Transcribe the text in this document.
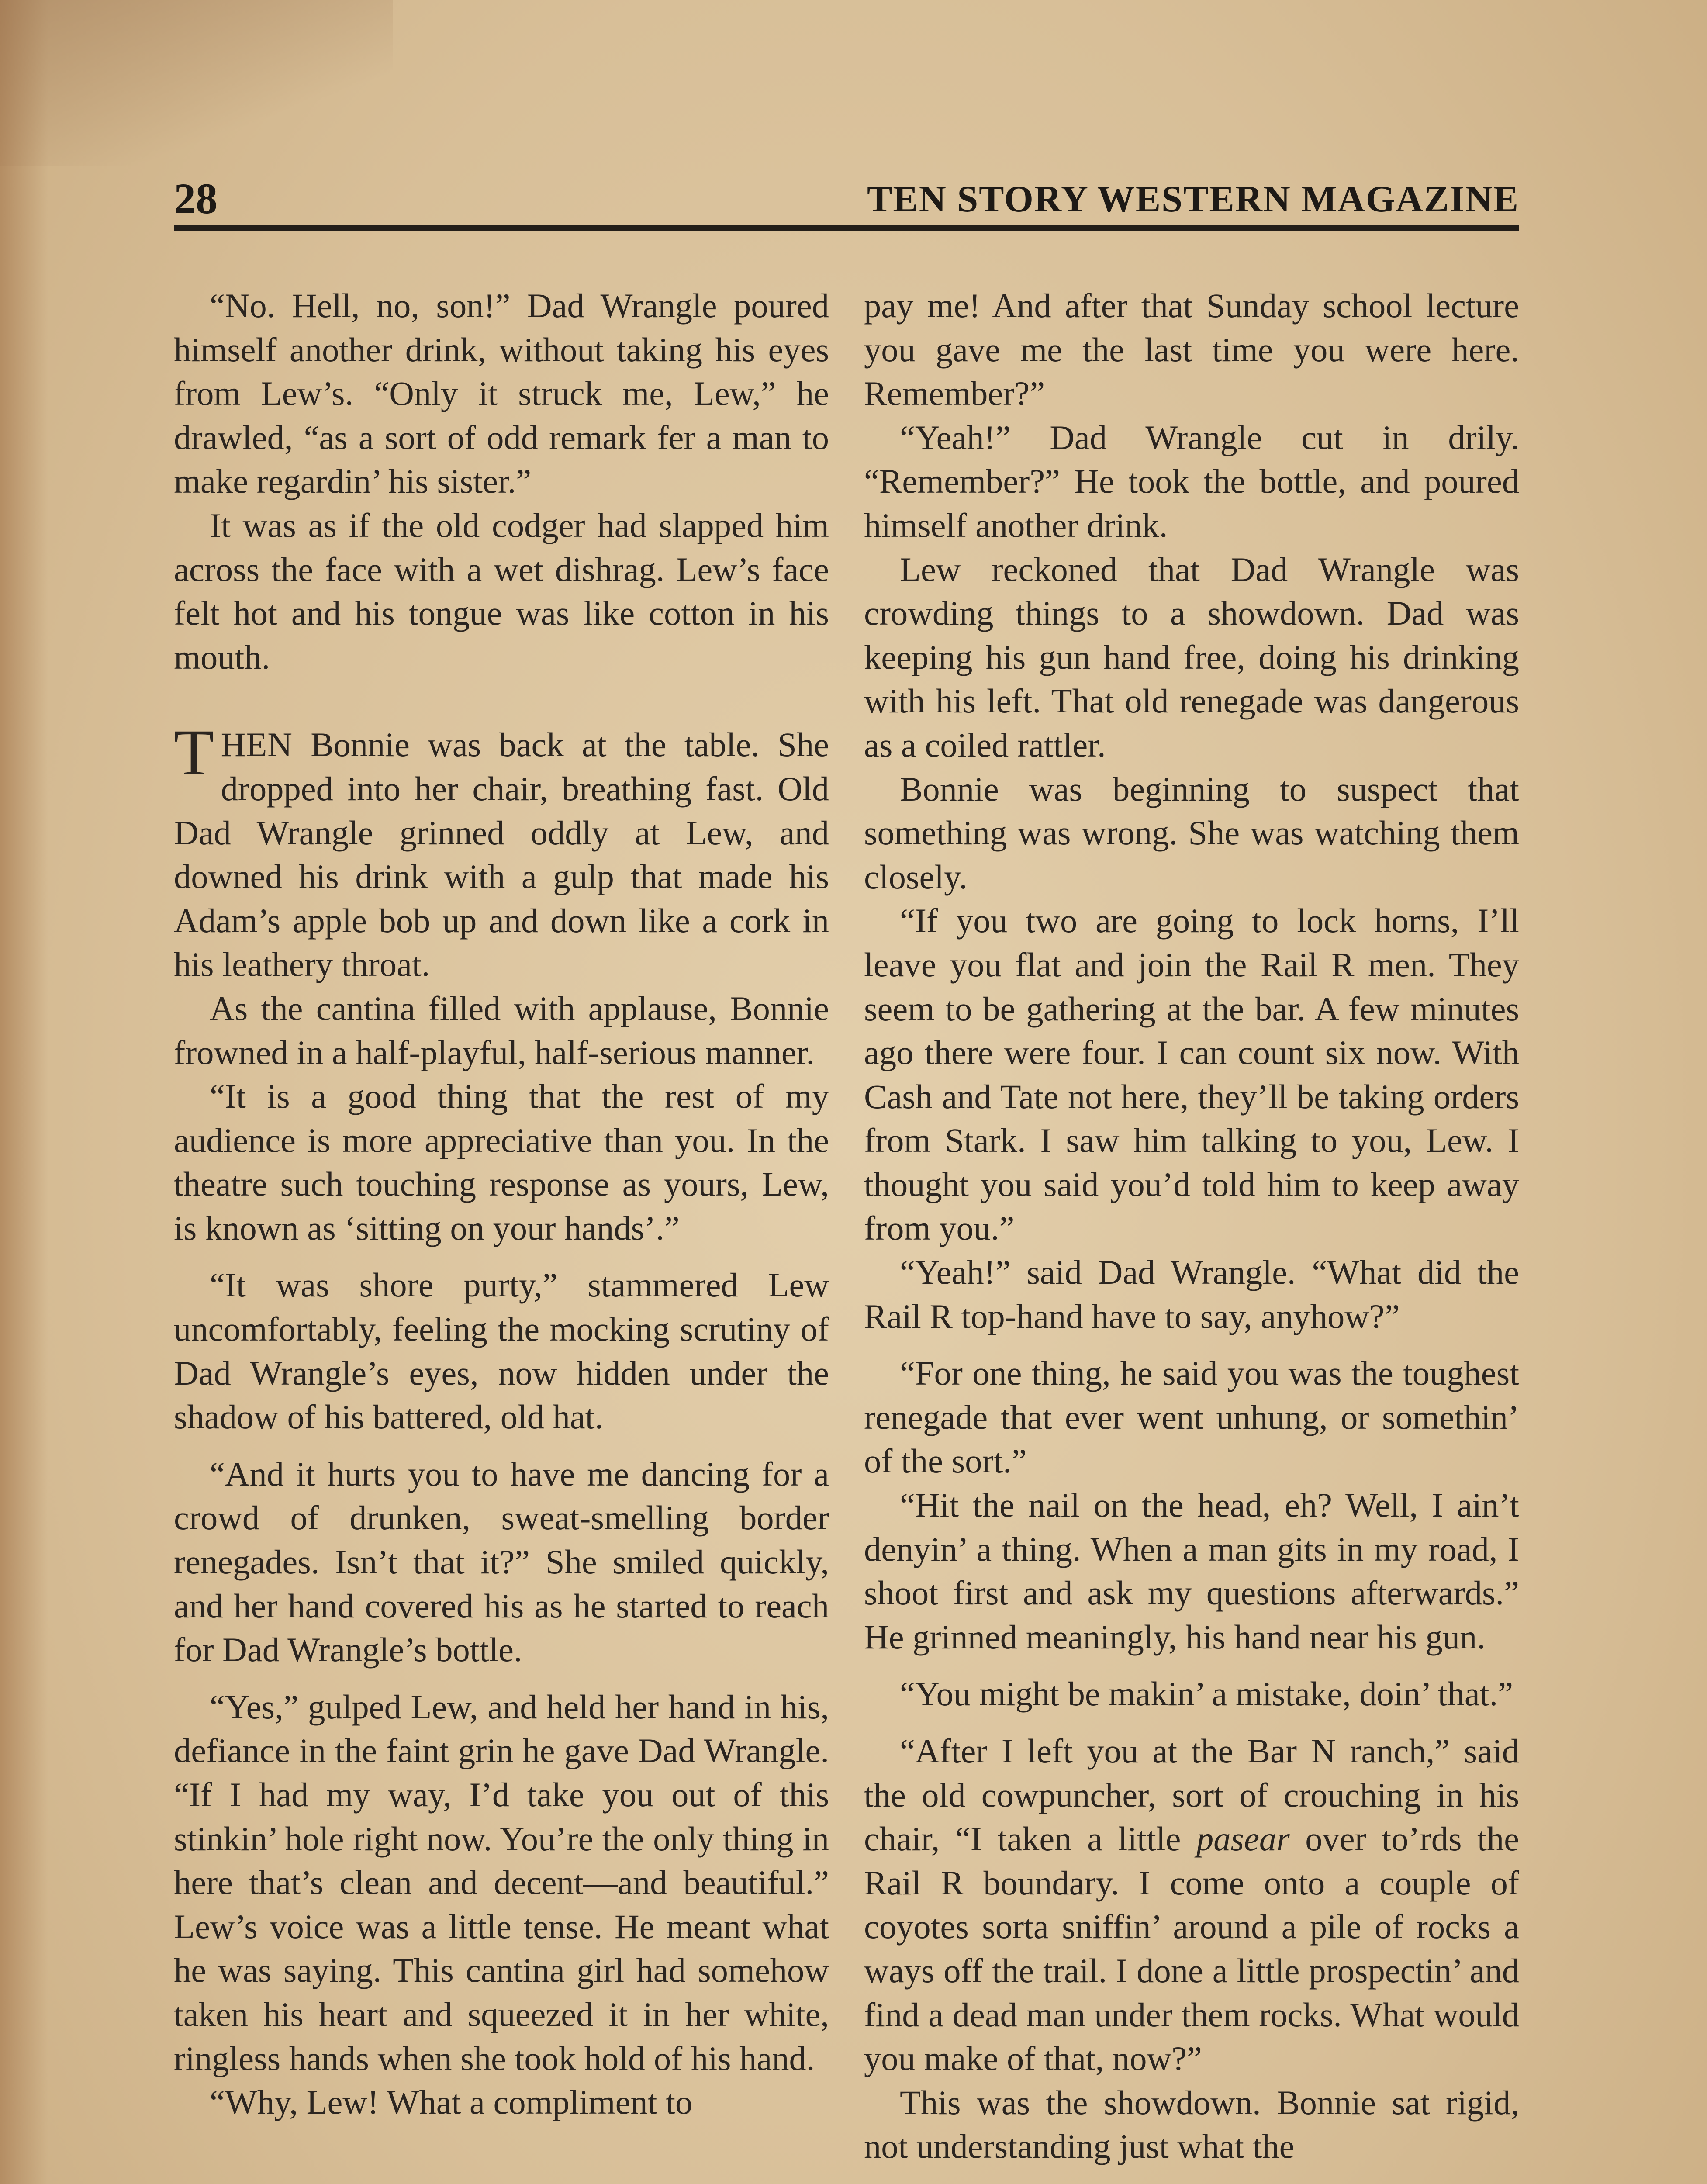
28	TEN STORY WESTERN MAGAZINE

“No. Hell, no, son!” Dad Wrangle poured himself another drink, without taking his eyes from Lew’s. “Only it struck me, Lew,” he drawled, “as a sort of odd remark fer a man to make regardin’ his sister.”

It was as if the old codger had slapped him across the face with a wet dishrag. Lew’s face felt hot and his tongue was like cotton in his mouth.

THEN Bonnie was back at the table. She dropped into her chair, breathing fast. Old Dad Wrangle grinned oddly at Lew, and downed his drink with a gulp that made his Adam’s apple bob up and down like a cork in his leathery throat.

As the cantina filled with applause, Bonnie frowned in a half-playful, half-serious manner.

“It is a good thing that the rest of my audience is more appreciative than you. In the theatre such touching response as yours, Lew, is known as ‘sitting on your hands’.”

“It was shore purty,” stammered Lew uncomfortably, feeling the mocking scrutiny of Dad Wrangle’s eyes, now hidden under the shadow of his battered, old hat.

“And it hurts you to have me dancing for a crowd of drunken, sweat-smelling border renegades. Isn’t that it?” She smiled quickly, and her hand covered his as he started to reach for Dad Wrangle’s bottle.

“Yes,” gulped Lew, and held her hand in his, defiance in the faint grin he gave Dad Wrangle. “If I had my way, I’d take you out of this stinkin’ hole right now. You’re the only thing in here that’s clean and decent—and beautiful.” Lew’s voice was a little tense. He meant what he was saying. This cantina girl had somehow taken his heart and squeezed it in her white, ringless hands when she took hold of his hand.

“Why, Lew! What a compliment to

pay me! And after that Sunday school lecture you gave me the last time you were here. Remember?”

“Yeah!” Dad Wrangle cut in drily. “Remember?” He took the bottle, and poured himself another drink.

Lew reckoned that Dad Wrangle was crowding things to a showdown. Dad was keeping his gun hand free, doing his drinking with his left. That old renegade was dangerous as a coiled rattler.

Bonnie was beginning to suspect that something was wrong. She was watching them closely.

“If you two are going to lock horns, I’ll leave you flat and join the Rail R men. They seem to be gathering at the bar. A few minutes ago there were four. I can count six now. With Cash and Tate not here, they’ll be taking orders from Stark. I saw him talking to you, Lew. I thought you said you’d told him to keep away from you.”

“Yeah!” said Dad Wrangle. “What did the Rail R top-hand have to say, anyhow?”

“For one thing, he said you was the toughest renegade that ever went unhung, or somethin’ of the sort.”

“Hit the nail on the head, eh? Well, I ain’t denyin’ a thing. When a man gits in my road, I shoot first and ask my questions afterwards.” He grinned meaningly, his hand near his gun.

“You might be makin’ a mistake, doin’ that.”

“After I left you at the Bar N ranch,” said the old cowpuncher, sort of crouching in his chair, “I taken a little pasear over to’rds the Rail R boundary. I come onto a couple of coyotes sorta sniffin’ around a pile of rocks a ways off the trail. I done a little prospectin’ and find a dead man under them rocks. What would you make of that, now?”

This was the showdown. Bonnie sat rigid, not understanding just what the
